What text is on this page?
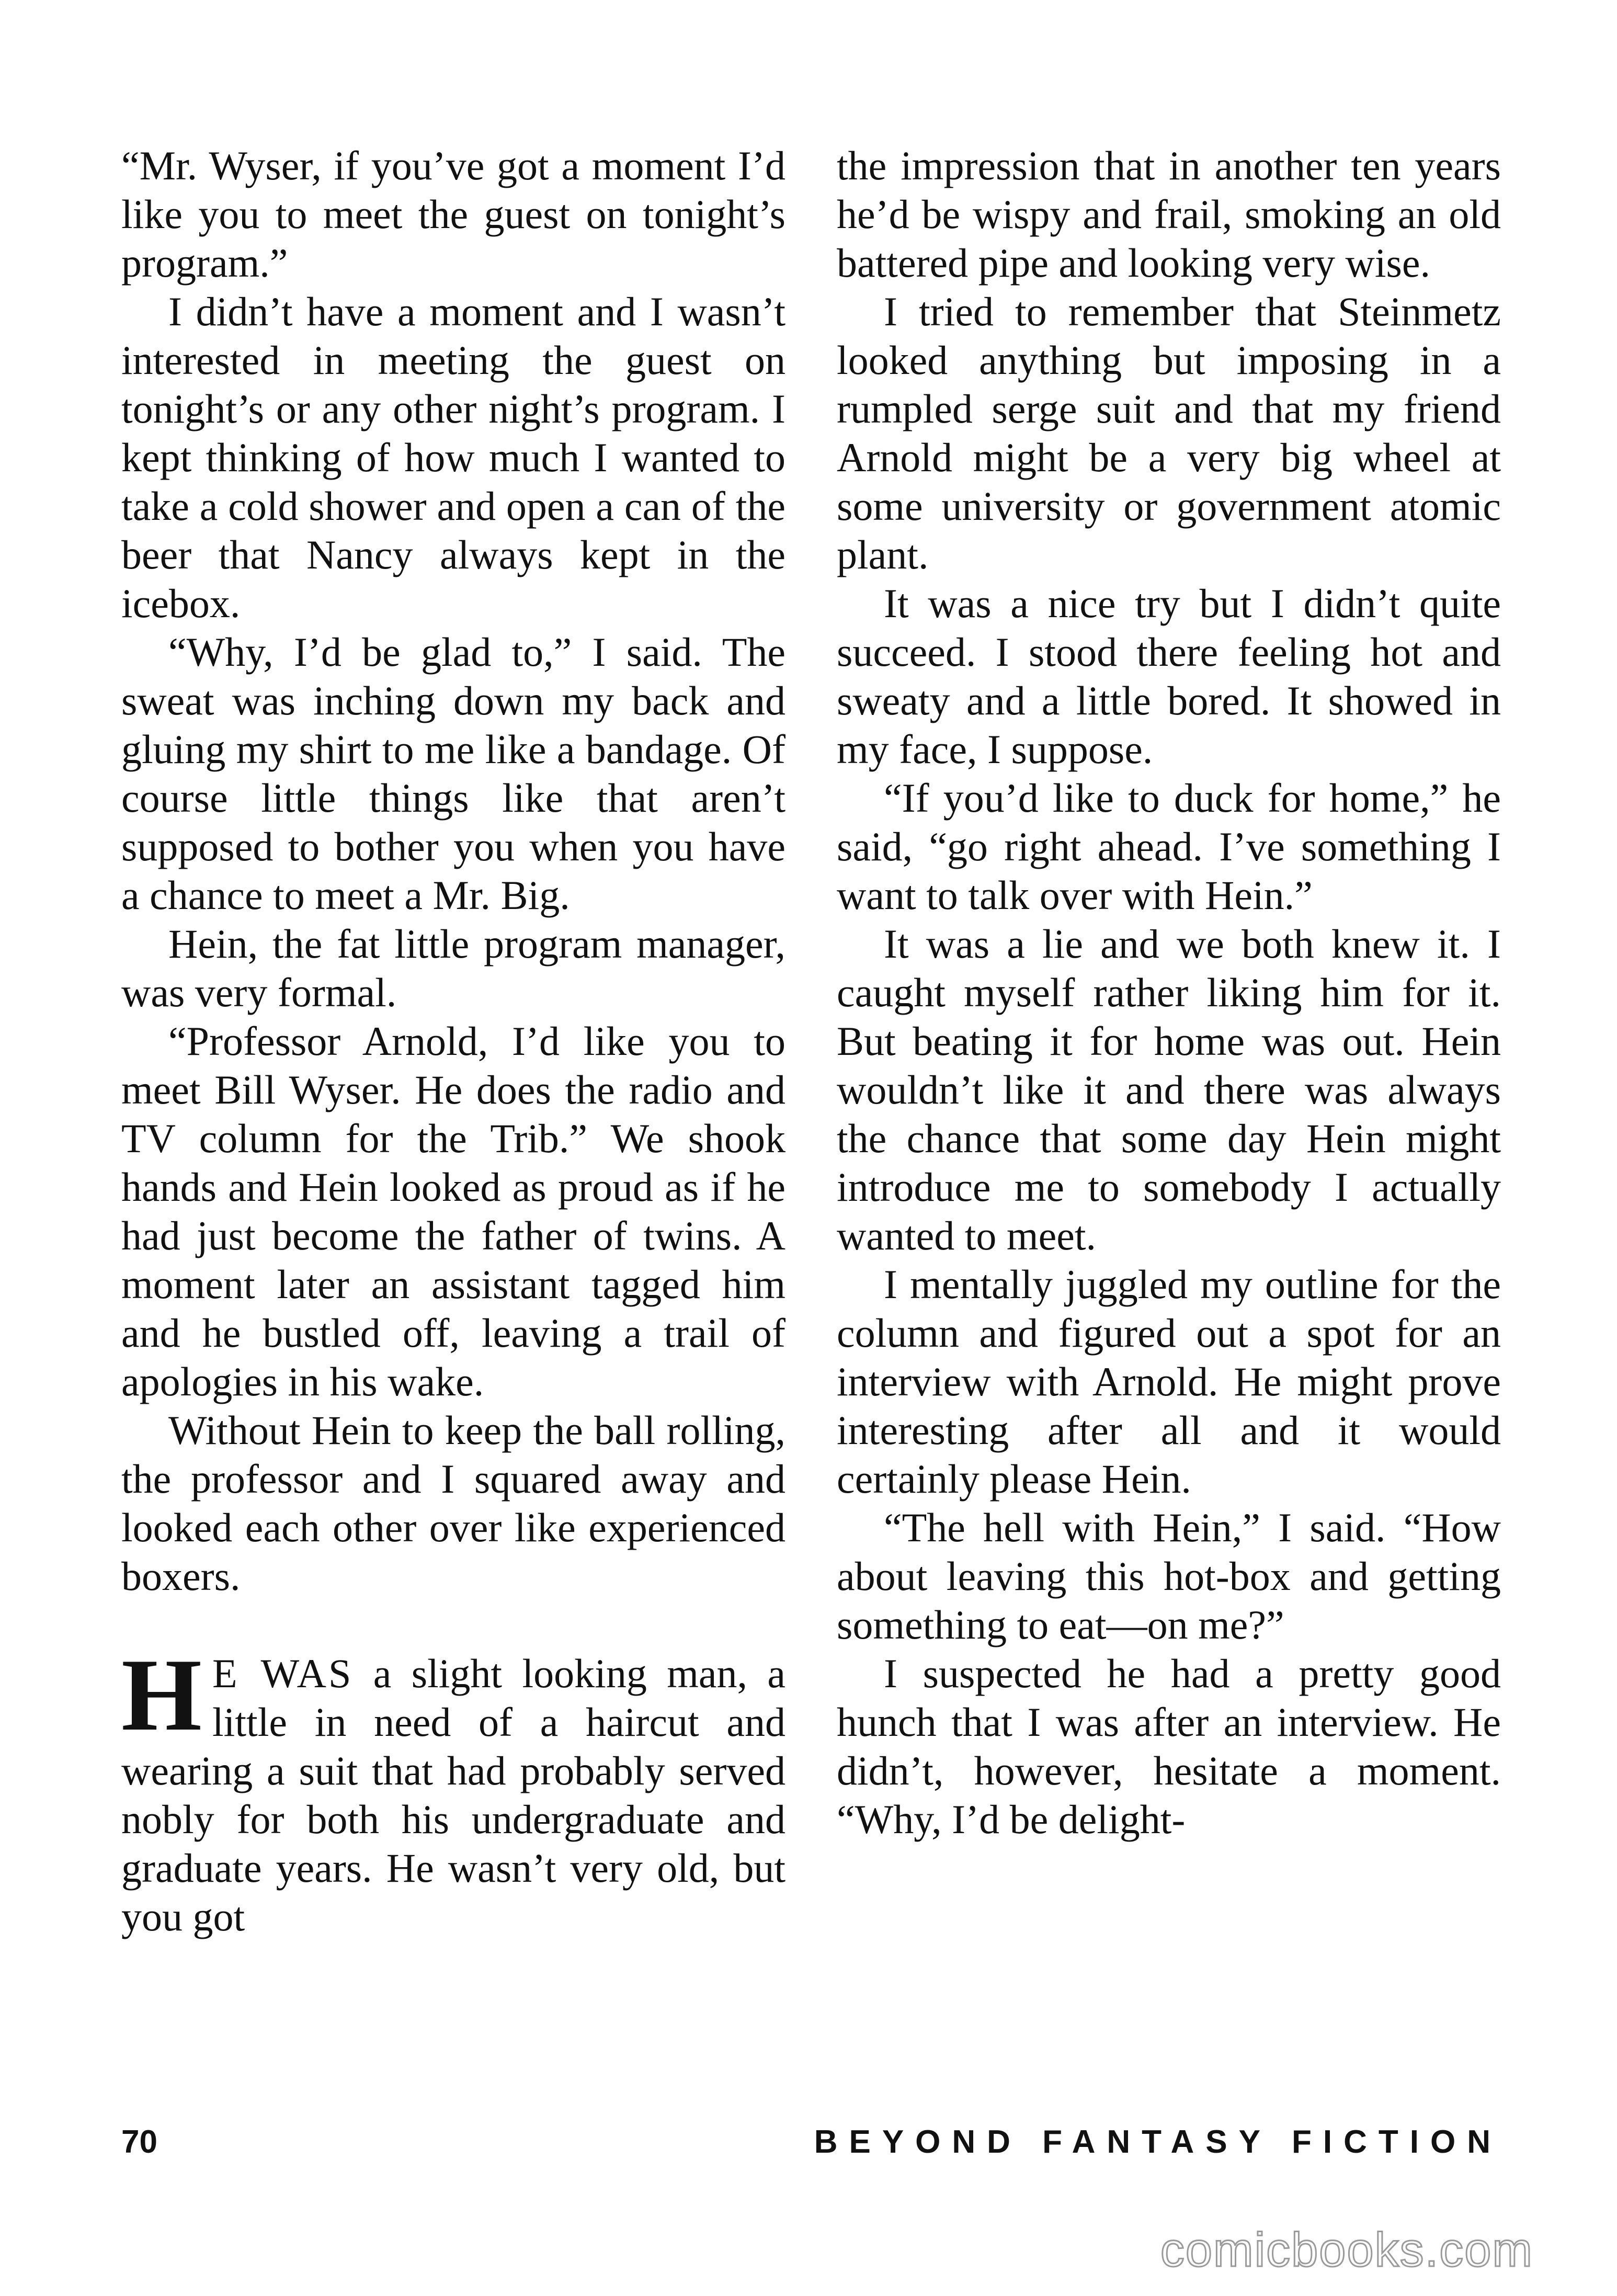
“Mr. Wyser, if you’ve got a moment I’d like you to meet the guest on tonight’s program.”

I didn’t have a moment and I wasn’t interested in meeting the guest on tonight’s or any other night’s program. I kept thinking of how much I wanted to take a cold shower and open a can of the beer that Nancy always kept in the icebox.

“Why, I’d be glad to,” I said. The sweat was inching down my back and gluing my shirt to me like a bandage. Of course little things like that aren’t supposed to bother you when you have a chance to meet a Mr. Big.

Hein, the fat little program manager, was very formal.

“Professor Arnold, I’d like you to meet Bill Wyser. He does the radio and TV column for the Trib.” We shook hands and Hein looked as proud as if he had just become the father of twins. A moment later an assistant tagged him and he bustled off, leaving a trail of apologies in his wake.

Without Hein to keep the ball rolling, the professor and I squared away and looked each other over like experienced boxers.

H E WAS a slight looking man, a little in need of a haircut and wearing a suit that had probably served nobly for both his undergraduate and graduate years. He wasn’t very old, but you got

the impression that in another ten years he’d be wispy and frail, smoking an old battered pipe and looking very wise.

I tried to remember that Steinmetz looked anything but imposing in a rumpled serge suit and that my friend Arnold might be a very big wheel at some university or government atomic plant.

It was a nice try but I didn’t quite succeed. I stood there feeling hot and sweaty and a little bored. It showed in my face, I suppose.

“If you’d like to duck for home,” he said, “go right ahead. I’ve something I want to talk over with Hein.”

It was a lie and we both knew it. I caught myself rather liking him for it. But beating it for home was out. Hein wouldn’t like it and there was always the chance that some day Hein might introduce me to somebody I actually wanted to meet.

I mentally juggled my outline for the column and figured out a spot for an interview with Arnold. He might prove interesting after all and it would certainly please Hein.

“The hell with Hein,” I said. “How about leaving this hot-box and getting something to eat—on me?”

I suspected he had a pretty good hunch that I was after an interview. He didn’t, however, hesitate a moment. “Why, I’d be delight-

70	BEYOND FANTASY FICTION
comicbooks.com
